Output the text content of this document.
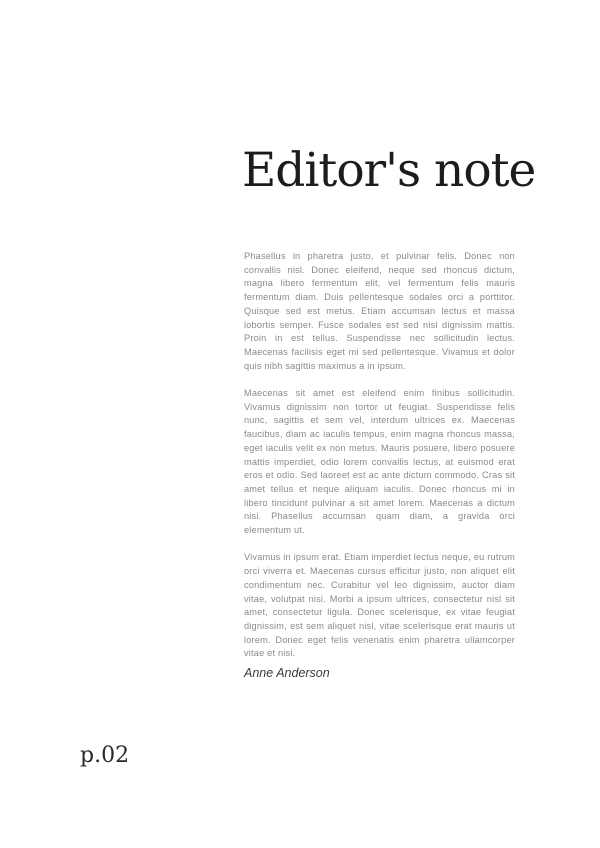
Editor's note

Phasellus in pharetra justo, et pulvinar felis. Donec non convallis nisl. Donec eleifend, neque sed rhoncus dictum, magna libero fermentum elit, vel fermentum felis mauris fermentum diam. Duis pellentesque sodales orci a porttitor. Quisque sed est metus. Etiam accumsan lectus et massa lobortis semper. Fusce sodales est sed nisl dignissim mattis. Proin in est tellus. Suspendisse nec sollicitudin lectus. Maecenas facilisis eget mi sed pellentesque. Vivamus et dolor quis nibh sagittis maximus a in ipsum.

Maecenas sit amet est eleifend enim finibus sollicitudin. Vivamus dignissim non tortor ut feugiat. Suspendisse felis nunc, sagittis et sem vel, interdum ultrices ex. Maecenas faucibus, diam ac iaculis tempus, enim magna rhoncus massa, eget iaculis velit ex non metus. Mauris posuere, libero posuere mattis imperdiet, odio lorem convallis lectus, at euismod erat eros et odio. Sed laoreet est ac ante dictum commodo. Cras sit amet tellus et neque aliquam iaculis. Donec rhoncus mi in libero tincidunt pulvinar a sit amet lorem. Maecenas a dictum nisi. Phasellus accumsan quam diam, a gravida orci elementum ut.

Vivamus in ipsum erat. Etiam imperdiet lectus neque, eu rutrum orci viverra et. Maecenas cursus efficitur justo, non aliquet elit condimentum nec. Curabitur vel leo dignissim, auctor diam vitae, volutpat nisi. Morbi a ipsum ultrices, consectetur nisl sit amet, consectetur ligula. Donec scelerisque, ex vitae feugiat dignissim, est sem aliquet nisl, vitae scelerisque erat mauris ut lorem. Donec eget felis venenatis enim pharetra ullamcorper vitae et nisi.

Anne Anderson
p.02
